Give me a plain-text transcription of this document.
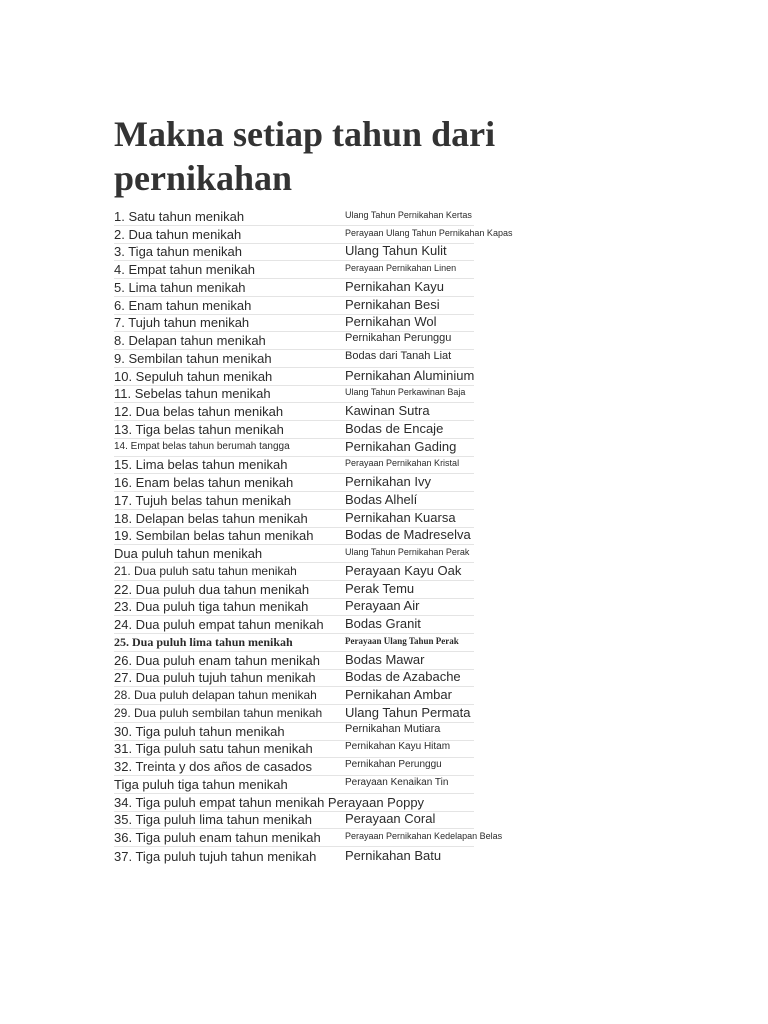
Makna setiap tahun dari pernikahan
1. Satu tahun menikah	Ulang Tahun Pernikahan Kertas
2. Dua tahun menikah	Perayaan Ulang Tahun Pernikahan Kapas
3. Tiga tahun menikah	Ulang Tahun Kulit
4. Empat tahun menikah	Perayaan Pernikahan Linen
5. Lima tahun menikah	Pernikahan Kayu
6. Enam tahun menikah	Pernikahan Besi
7. Tujuh tahun menikah	Pernikahan Wol
8. Delapan tahun menikah	Pernikahan Perunggu
9. Sembilan tahun menikah	Bodas dari Tanah Liat
10. Sepuluh tahun menikah	Pernikahan Aluminium
11. Sebelas tahun menikah	Ulang Tahun Perkawinan Baja
12. Dua belas tahun menikah	Kawinan Sutra
13. Tiga belas tahun menikah	Bodas de Encaje
14. Empat belas tahun berumah tangga	Pernikahan Gading
15. Lima belas tahun menikah	Perayaan Pernikahan Kristal
16. Enam belas tahun menikah	Pernikahan Ivy
17. Tujuh belas tahun menikah	Bodas Alhelí
18. Delapan belas tahun menikah	Pernikahan Kuarsa
19. Sembilan belas tahun menikah Bodas de Madreselva
Dua puluh tahun menikah	Ulang Tahun Pernikahan Perak
21. Dua puluh satu tahun menikah	Perayaan Kayu Oak
22. Dua puluh dua tahun menikah	Perak Temu
23. Dua puluh tiga tahun menikah	Perayaan Air
24. Dua puluh empat tahun menikah Bodas Granit
25. Dua puluh lima tahun menikah	Perayaan Ulang Tahun Perak
26. Dua puluh enam tahun menikah Bodas Mawar
27. Dua puluh tujuh tahun menikah Bodas de Azabache
28. Dua puluh delapan tahun menikah Pernikahan Ambar
29. Dua puluh sembilan tahun menikah Ulang Tahun Permata
30. Tiga puluh tahun menikah	Pernikahan Mutiara
31. Tiga puluh satu tahun menikah	Pernikahan Kayu Hitam
32. Treinta y dos años de casados	Pernikahan Perunggu
Tiga puluh tiga tahun menikah	Perayaan Kenaikan Tin
34. Tiga puluh empat tahun menikah Perayaan Poppy
35. Tiga puluh lima tahun menikah	Perayaan Coral
36. Tiga puluh enam tahun menikah	Perayaan Pernikahan Kedelapan Belas
37. Tiga puluh tujuh tahun menikah Pernikahan Batu
